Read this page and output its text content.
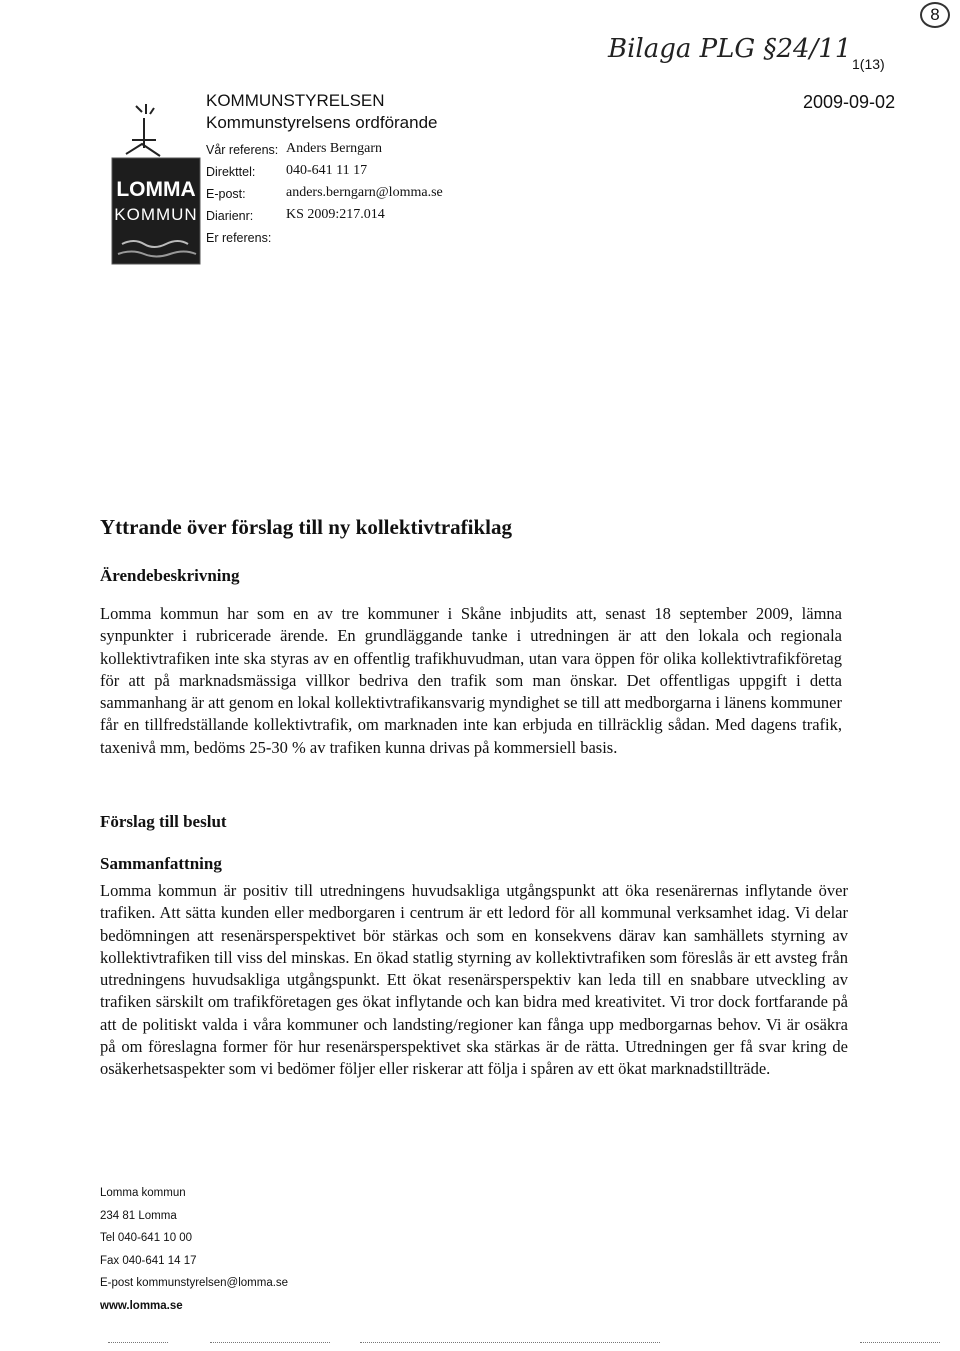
LOMMA
KOMMUN
Bilaga PLG §24/11
8
1(13)
2009-09-02
KOMMUNSTYRELSEN
Kommunstyrelsens ordförande
Vår referens: Anders Berngarn
Direkttel: 040-641 11 17
E-post:	anders.berngarn@lomma.se
Diarienr: KS 2009:217.014
Er referens:
Yttrande över förslag till ny kollektivtrafiklag
Ärendebeskrivning
Lomma kommun har som en av tre kommuner i Skåne inbjudits att, senast 18 september 2009, lämna synpunkter i rubricerade ärende. En grundläggande tanke i utredningen är att den lokala och regionala kollektivtrafiken inte ska styras av en offentlig trafikhuvudman, utan vara öppen för olika kollektivtrafikföretag för att på marknadsmässiga villkor bedriva den trafik som man önskar. Det offentligas uppgift i detta sammanhang är att genom en lokal kollektivtrafikansvarig myndighet se till att medborgarna i länens kommuner får en tillfredställande kollektivtrafik, om marknaden inte kan erbjuda en tillräcklig sådan. Med dagens trafik, taxenivå mm, bedöms 25-30 % av trafiken kunna drivas på kommersiell basis.
Förslag till beslut
Sammanfattning
Lomma kommun är positiv till utredningens huvudsakliga utgångspunkt att öka resenärernas inflytande över trafiken. Att sätta kunden eller medborgaren i centrum är ett ledord för all kommunal verksamhet idag. Vi delar bedömningen att resenärsperspektivet bör stärkas och som en konsekvens därav kan samhällets styrning av kollektivtrafiken till viss del minskas. En ökad statlig styrning av kollektivtrafiken som föreslås är ett avsteg från utredningens huvudsakliga utgångspunkt. Ett ökat resenärsperspektiv kan leda till en snabbare utveckling av trafiken särskilt om trafikföretagen ges ökat inflytande och kan bidra med kreativitet. Vi tror dock fortfarande på att de politiskt valda i våra kommuner och landsting/regioner kan fånga upp medborgarnas behov. Vi är osäkra på om föreslagna former för hur resenärsperspektivet ska stärkas är de rätta. Utredningen ger få svar kring de osäkerhetsaspekter som vi bedömer följer eller riskerar att följa i spåren av ett ökat marknadstillträde.
Lomma kommun
234 81 Lomma
Tel 040-641 10 00
Fax 040-641 14 17
E-post kommunstyrelsen@lomma.se
www.lomma.se
